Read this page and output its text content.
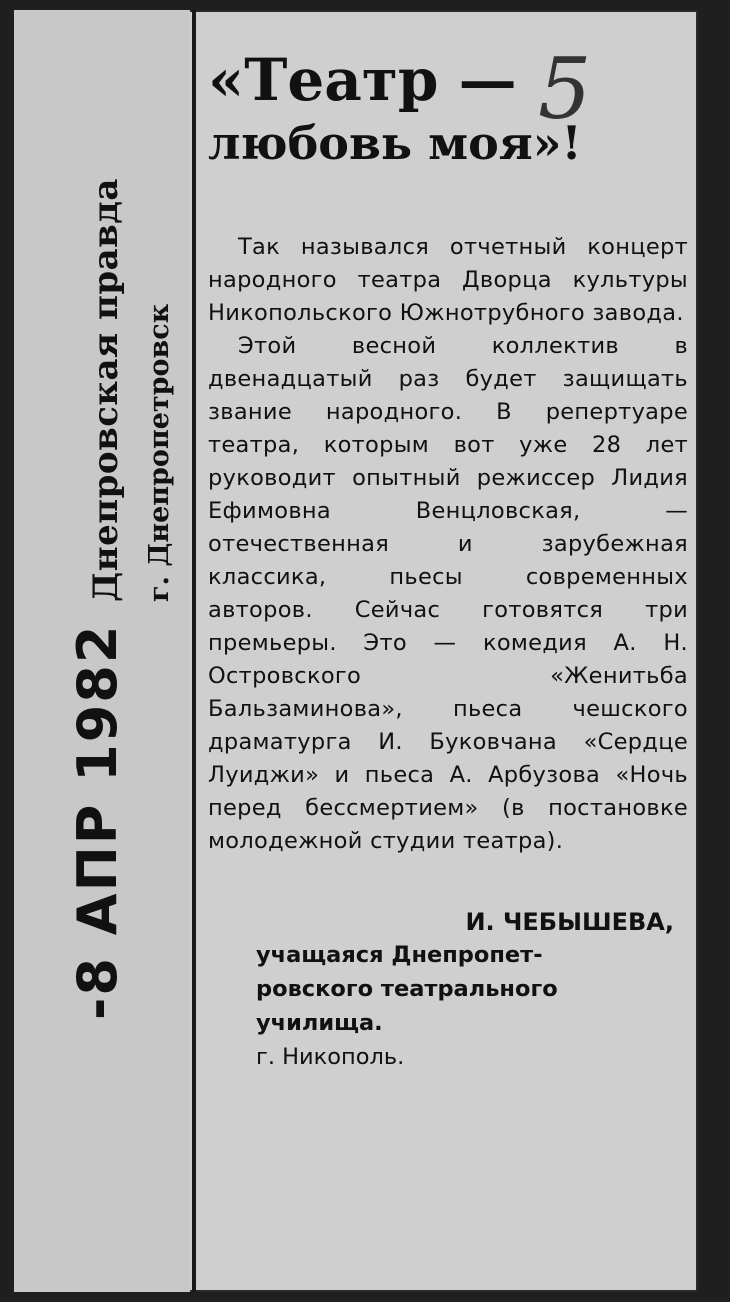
Днепровская правда г. Днепропетровск
-8 АПР 1982
«Театр —
любовь моя»!
5

Так назывался отчетный концерт народного театра Дворца культуры Никопольского Южнотрубного завода.

Этой весной коллектив в двенадцатый раз будет защищать звание народного. В репертуаре театра, которым вот уже 28 лет руководит опытный режиссер Лидия Ефимовна Венцловская, — отечественная и зарубежная классика, пьесы современных авторов. Сейчас готовятся три премьеры. Это — комедия А. Н. Островского «Женитьба Бальзаминова», пьеса чешского драматурга И. Буковчана «Сердце Луиджи» и пьеса А. Арбузова «Ночь перед бессмертием» (в постановке молодежной студии театра).

И. ЧЕБЫШЕВА,
учащаяся Днепропет-
ровского театрального
училища.
г. Никополь.
